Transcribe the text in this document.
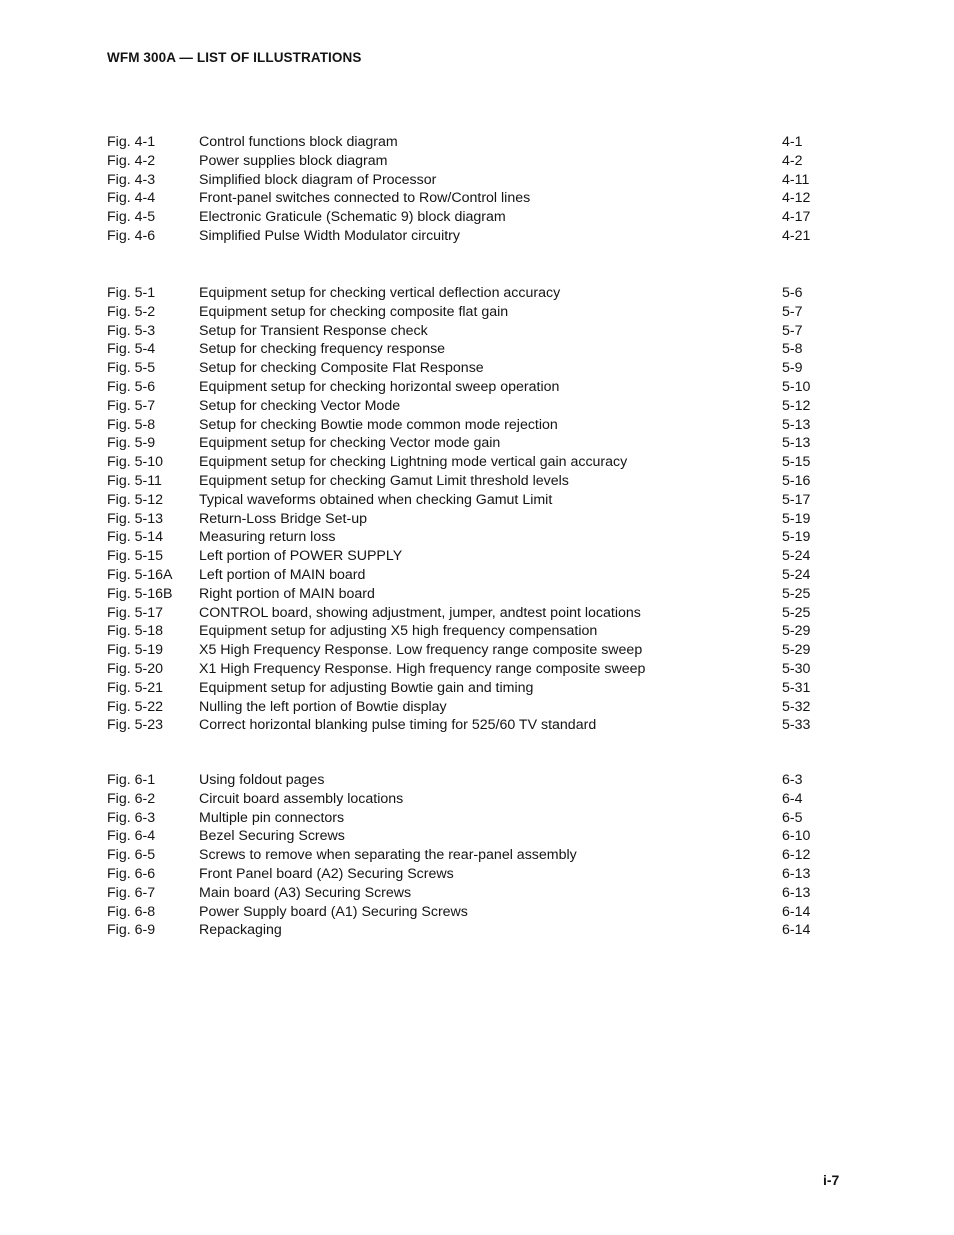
WFM 300A — LIST OF ILLUSTRATIONS
Fig. 4-1	Control functions block diagram	4-1
Fig. 4-2	Power supplies block diagram	4-2
Fig. 4-3	Simplified block diagram of Processor	4-11
Fig. 4-4	Front-panel switches connected to Row/Control lines	4-12
Fig. 4-5	Electronic Graticule (Schematic 9) block diagram	4-17
Fig. 4-6	Simplified Pulse Width Modulator circuitry	4-21
Fig. 5-1	Equipment setup for checking vertical deflection accuracy	5-6
Fig. 5-2	Equipment setup for checking composite flat gain	5-7
Fig. 5-3	Setup for Transient Response check	5-7
Fig. 5-4	Setup for checking frequency response	5-8
Fig. 5-5	Setup for checking Composite Flat Response	5-9
Fig. 5-6	Equipment setup for checking horizontal sweep operation	5-10
Fig. 5-7	Setup for checking Vector Mode	5-12
Fig. 5-8	Setup for checking Bowtie mode common mode rejection	5-13
Fig. 5-9	Equipment setup for checking Vector mode gain	5-13
Fig. 5-10	Equipment setup for checking Lightning mode vertical gain accuracy	5-15
Fig. 5-11	Equipment setup for checking Gamut Limit threshold levels	5-16
Fig. 5-12	Typical waveforms obtained when checking Gamut Limit	5-17
Fig. 5-13	Return-Loss Bridge Set-up	5-19
Fig. 5-14	Measuring return loss	5-19
Fig. 5-15	Left portion of POWER SUPPLY	5-24
Fig. 5-16A Left portion of MAIN board	5-24
Fig. 5-16B Right portion of MAIN board	5-25
Fig. 5-17	CONTROL board, showing adjustment, jumper, andtest point locations	5-25
Fig. 5-18	Equipment setup for adjusting X5 high frequency compensation	5-29
Fig. 5-19	X5 High Frequency Response. Low frequency range composite sweep	5-29
Fig. 5-20	X1 High Frequency Response. High frequency range composite sweep	5-30
Fig. 5-21	Equipment setup for adjusting Bowtie gain and timing	5-31
Fig. 5-22	Nulling the left portion of Bowtie display	5-32
Fig. 5-23	Correct horizontal blanking pulse timing for 525/60 TV standard	5-33
Fig. 6-1	Using foldout pages	6-3
Fig. 6-2	Circuit board assembly locations	6-4
Fig. 6-3	Multiple pin connectors	6-5
Fig. 6-4	Bezel Securing Screws	6-10
Fig. 6-5	Screws to remove when separating the rear-panel assembly	6-12
Fig. 6-6	Front Panel board (A2) Securing Screws	6-13
Fig. 6-7	Main board (A3) Securing Screws	6-13
Fig. 6-8	Power Supply board (A1) Securing Screws	6-14
Fig. 6-9	Repackaging	6-14
i-7
